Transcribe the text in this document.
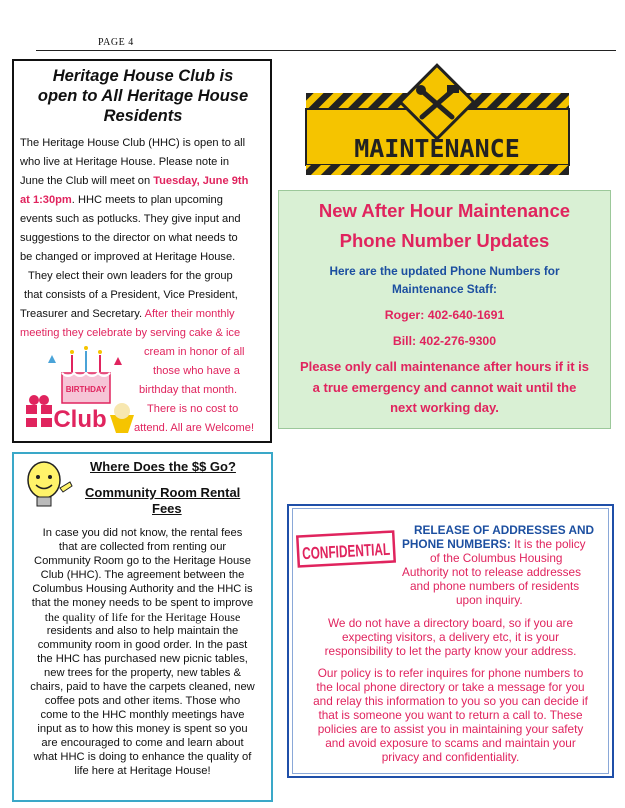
PAGE 4
Heritage House Club is
open to All Heritage House
Residents
The Heritage House Club (HHC) is open to all
who live at Heritage House. Please note in
June the Club will meet on Tuesday, June 9th
at 1:30pm. HHC meets to plan upcoming
events such as potlucks. They give input and
suggestions to the director on what needs to
be changed or improved at Heritage House.
They elect their own leaders for the group
that consists of a President, Vice President,
Treasurer and Secretary. After their monthly
meeting they celebrate by serving cake & ice
cream in honor of all
those who have a
birthday that month.
There is no cost to
attend. All are Welcome!
BIRTHDAY
Club
Where Does the $$ Go?
Community Room Rental
Fees
In case you did not know, the rental fees
that are collected from renting our
Community Room go to the Heritage House
Club (HHC). The agreement between the
Columbus Housing Authority and the HHC is
that the money needs to be spent to improve
the quality of life for the Heritage House
residents and also to help maintain the
community room in good order. In the past
the HHC has purchased new picnic tables,
new trees for the property, new tables &
chairs, paid to have the carpets cleaned, new
coffee pots and other items. Those who
come to the HHC monthly meetings have
input as to how this money is spent so you
are encouraged to come and learn about
what HHC is doing to enhance the quality of
life here at Heritage House!
MAINTENANCE
New After Hour Maintenance
Phone Number Updates
Here are the updated Phone Numbers for
Maintenance Staff:
Roger: 402-640-1691
Bill: 402-276-9300
Please only call maintenance after hours if it is
a true emergency and cannot wait until the
next working day.
CONFIDENTIAL
RELEASE OF ADDRESSES AND
PHONE NUMBERS: It is the policy
of the Columbus Housing
Authority not to release addresses
and phone numbers of residents
upon inquiry.
We do not have a directory board, so if you are
expecting visitors, a delivery etc, it is your
responsibility to let the party know your address.
Our policy is to refer inquires for phone numbers to
the local phone directory or take a message for you
and relay this information to you so you can decide if
that is someone you want to return a call to. These
policies are to assist you in maintaining your safety
and avoid exposure to scams and maintain your
privacy and confidentiality.
